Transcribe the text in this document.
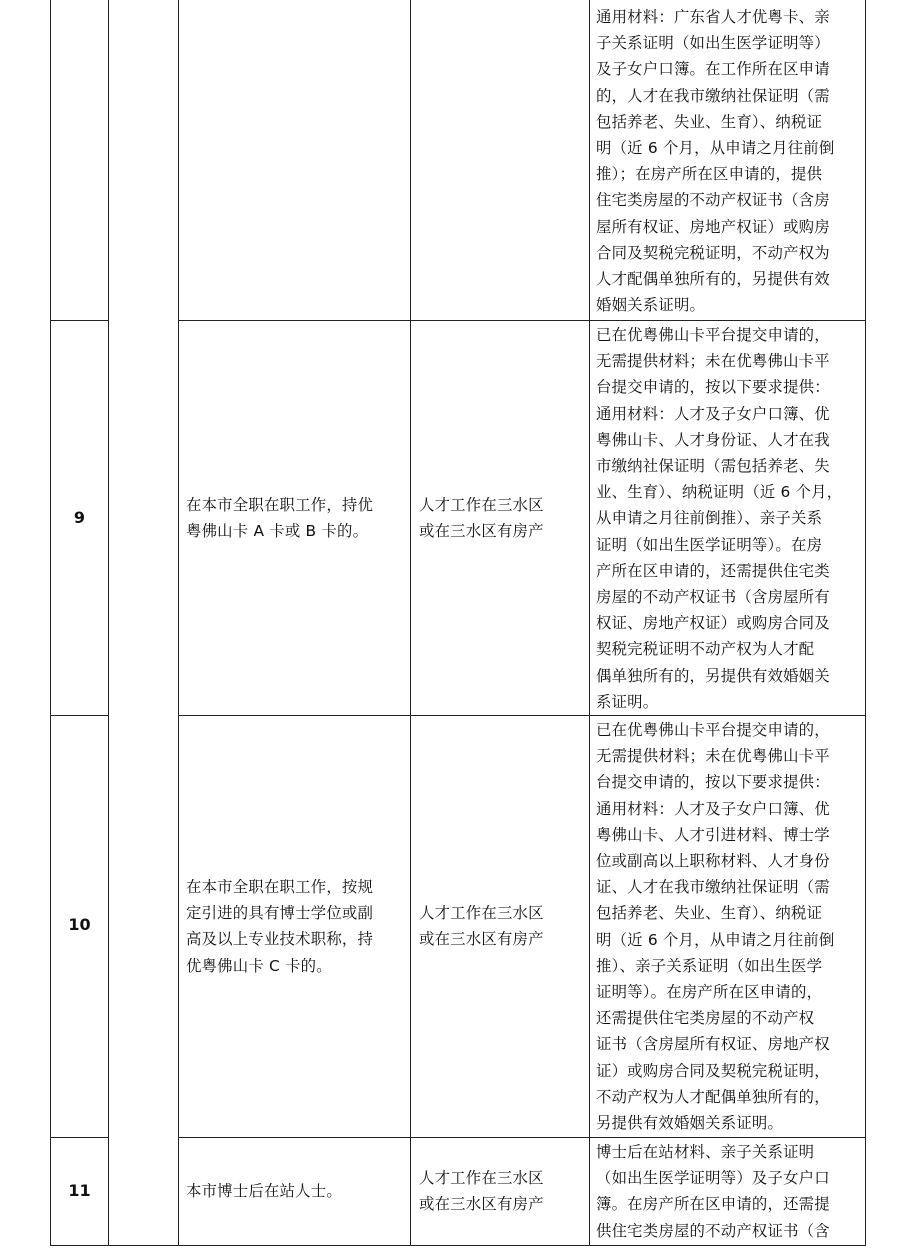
通用材料：广东省人才优粤卡、亲
子关系证明（如出生医学证明等）
及子女户口簿。在工作所在区申请
的，人才在我市缴纳社保证明（需
包括养老、失业、生育）、纳税证
明（近 6 个月，从申请之月往前倒
推）；在房产所在区申请的，提供
住宅类房屋的不动产权证书（含房
屋所有权证、房地产权证）或购房
合同及契税完税证明，不动产权为
人才配偶单独所有的，另提供有效
婚姻关系证明。
9
在本市全职在职工作，持优
粤佛山卡 A 卡或 B 卡的。
人才工作在三水区
或在三水区有房产
已在优粤佛山卡平台提交申请的，
无需提供材料；未在优粤佛山卡平
台提交申请的，按以下要求提供：
通用材料：人才及子女户口簿、优
粤佛山卡、人才身份证、人才在我
市缴纳社保证明（需包括养老、失
业、生育）、纳税证明（近 6 个月，
从申请之月往前倒推）、亲子关系
证明（如出生医学证明等）。在房
产所在区申请的，还需提供住宅类
房屋的不动产权证书（含房屋所有
权证、房地产权证）或购房合同及
契税完税证明不动产权为人才配
偶单独所有的，另提供有效婚姻关
系证明。
10
在本市全职在职工作，按规
定引进的具有博士学位或副
高及以上专业技术职称，持
优粤佛山卡 C 卡的。
人才工作在三水区
或在三水区有房产
已在优粤佛山卡平台提交申请的，
无需提供材料；未在优粤佛山卡平
台提交申请的，按以下要求提供：
通用材料：人才及子女户口簿、优
粤佛山卡、人才引进材料、博士学
位或副高以上职称材料、人才身份
证、人才在我市缴纳社保证明（需
包括养老、失业、生育）、纳税证
明（近 6 个月，从申请之月往前倒
推）、亲子关系证明（如出生医学
证明等）。在房产所在区申请的，
还需提供住宅类房屋的不动产权
证书（含房屋所有权证、房地产权
证）或购房合同及契税完税证明，
不动产权为人才配偶单独所有的，
另提供有效婚姻关系证明。
11	本市博士后在站人士。
人才工作在三水区
或在三水区有房产
博士后在站材料、亲子关系证明
（如出生医学证明等）及子女户口
簿。在房产所在区申请的，还需提
供住宅类房屋的不动产权证书（含
